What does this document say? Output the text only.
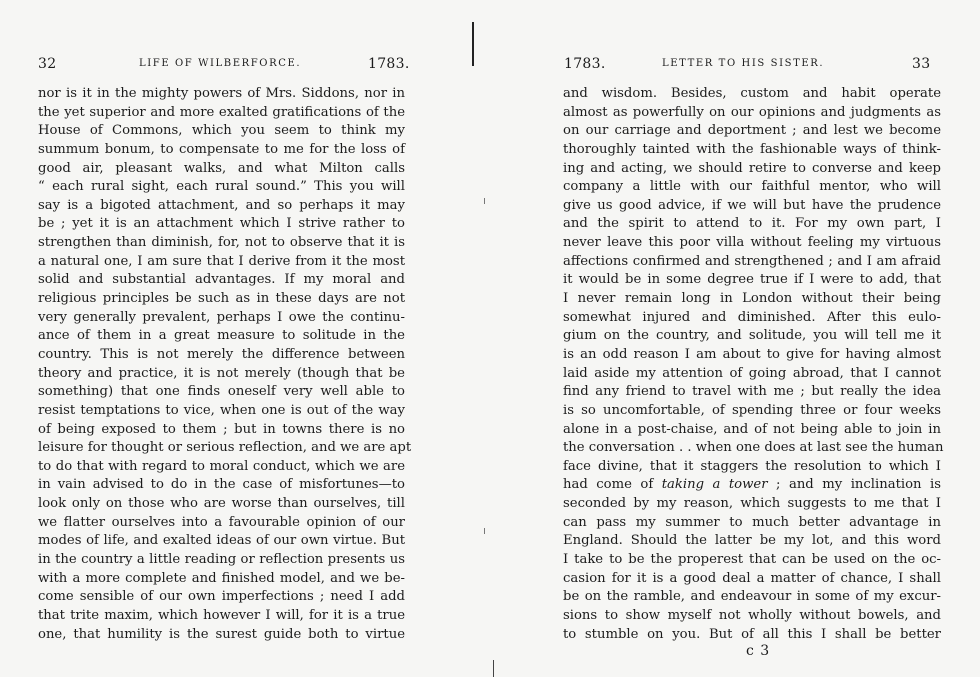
32	LIFE OF WILBERFORCE.	1783.
nor is it in the mighty powers of Mrs. Siddons, nor in
the yet superior and more exalted gratifications of the
House of Commons, which you seem to think my
summum bonum, to compensate to me for the loss of
good air, pleasant walks, and what Milton calls
“ each rural sight, each rural sound.” This you will
say is a bigoted attachment, and so perhaps it may
be ; yet it is an attachment which I strive rather to
strengthen than diminish, for, not to observe that it is
a natural one, I am sure that I derive from it the most
solid and substantial advantages. If my moral and
religious principles be such as in these days are not
very generally prevalent, perhaps I owe the continu-
ance of them in a great measure to solitude in the
country. This is not merely the difference between
theory and practice, it is not merely (though that be
something) that one finds oneself very well able to
resist temptations to vice, when one is out of the way
of being exposed to them ; but in towns there is no
leisure for thought or serious reflection, and we are apt
to do that with regard to moral conduct, which we are
in vain advised to do in the case of misfortunes—to
look only on those who are worse than ourselves, till
we flatter ourselves into a favourable opinion of our
modes of life, and exalted ideas of our own virtue. But
in the country a little reading or reflection presents us
with a more complete and finished model, and we be-
come sensible of our own imperfections ; need I add
that trite maxim, which however I will, for it is a true
one, that humility is the surest guide both to virtue
1783.	LETTER TO HIS SISTER.	33
and wisdom. Besides, custom and habit operate
almost as powerfully on our opinions and judgments as
on our carriage and deportment ; and lest we become
thoroughly tainted with the fashionable ways of think-
ing and acting, we should retire to converse and keep
company a little with our faithful mentor, who will
give us good advice, if we will but have the prudence
and the spirit to attend to it. For my own part, I
never leave this poor villa without feeling my virtuous
affections confirmed and strengthened ; and I am afraid
it would be in some degree true if I were to add, that
I never remain long in London without their being
somewhat injured and diminished. After this eulo-
gium on the country, and solitude, you will tell me it
is an odd reason I am about to give for having almost
laid aside my attention of going abroad, that I cannot
find any friend to travel with me ; but really the idea
is so uncomfortable, of spending three or four weeks
alone in a post-chaise, and of not being able to join in
the conversation . . when one does at last see the human
face divine, that it staggers the resolution to which I
had come of taking a tower ; and my inclination is
seconded by my reason, which suggests to me that I
can pass my summer to much better advantage in
England. Should the latter be my lot, and this word
I take to be the properest that can be used on the oc-
casion for it is a good deal a matter of chance, I shall
be on the ramble, and endeavour in some of my excur-
sions to show myself not wholly without bowels, and
to stumble on you. But of all this I shall be better
c 3
